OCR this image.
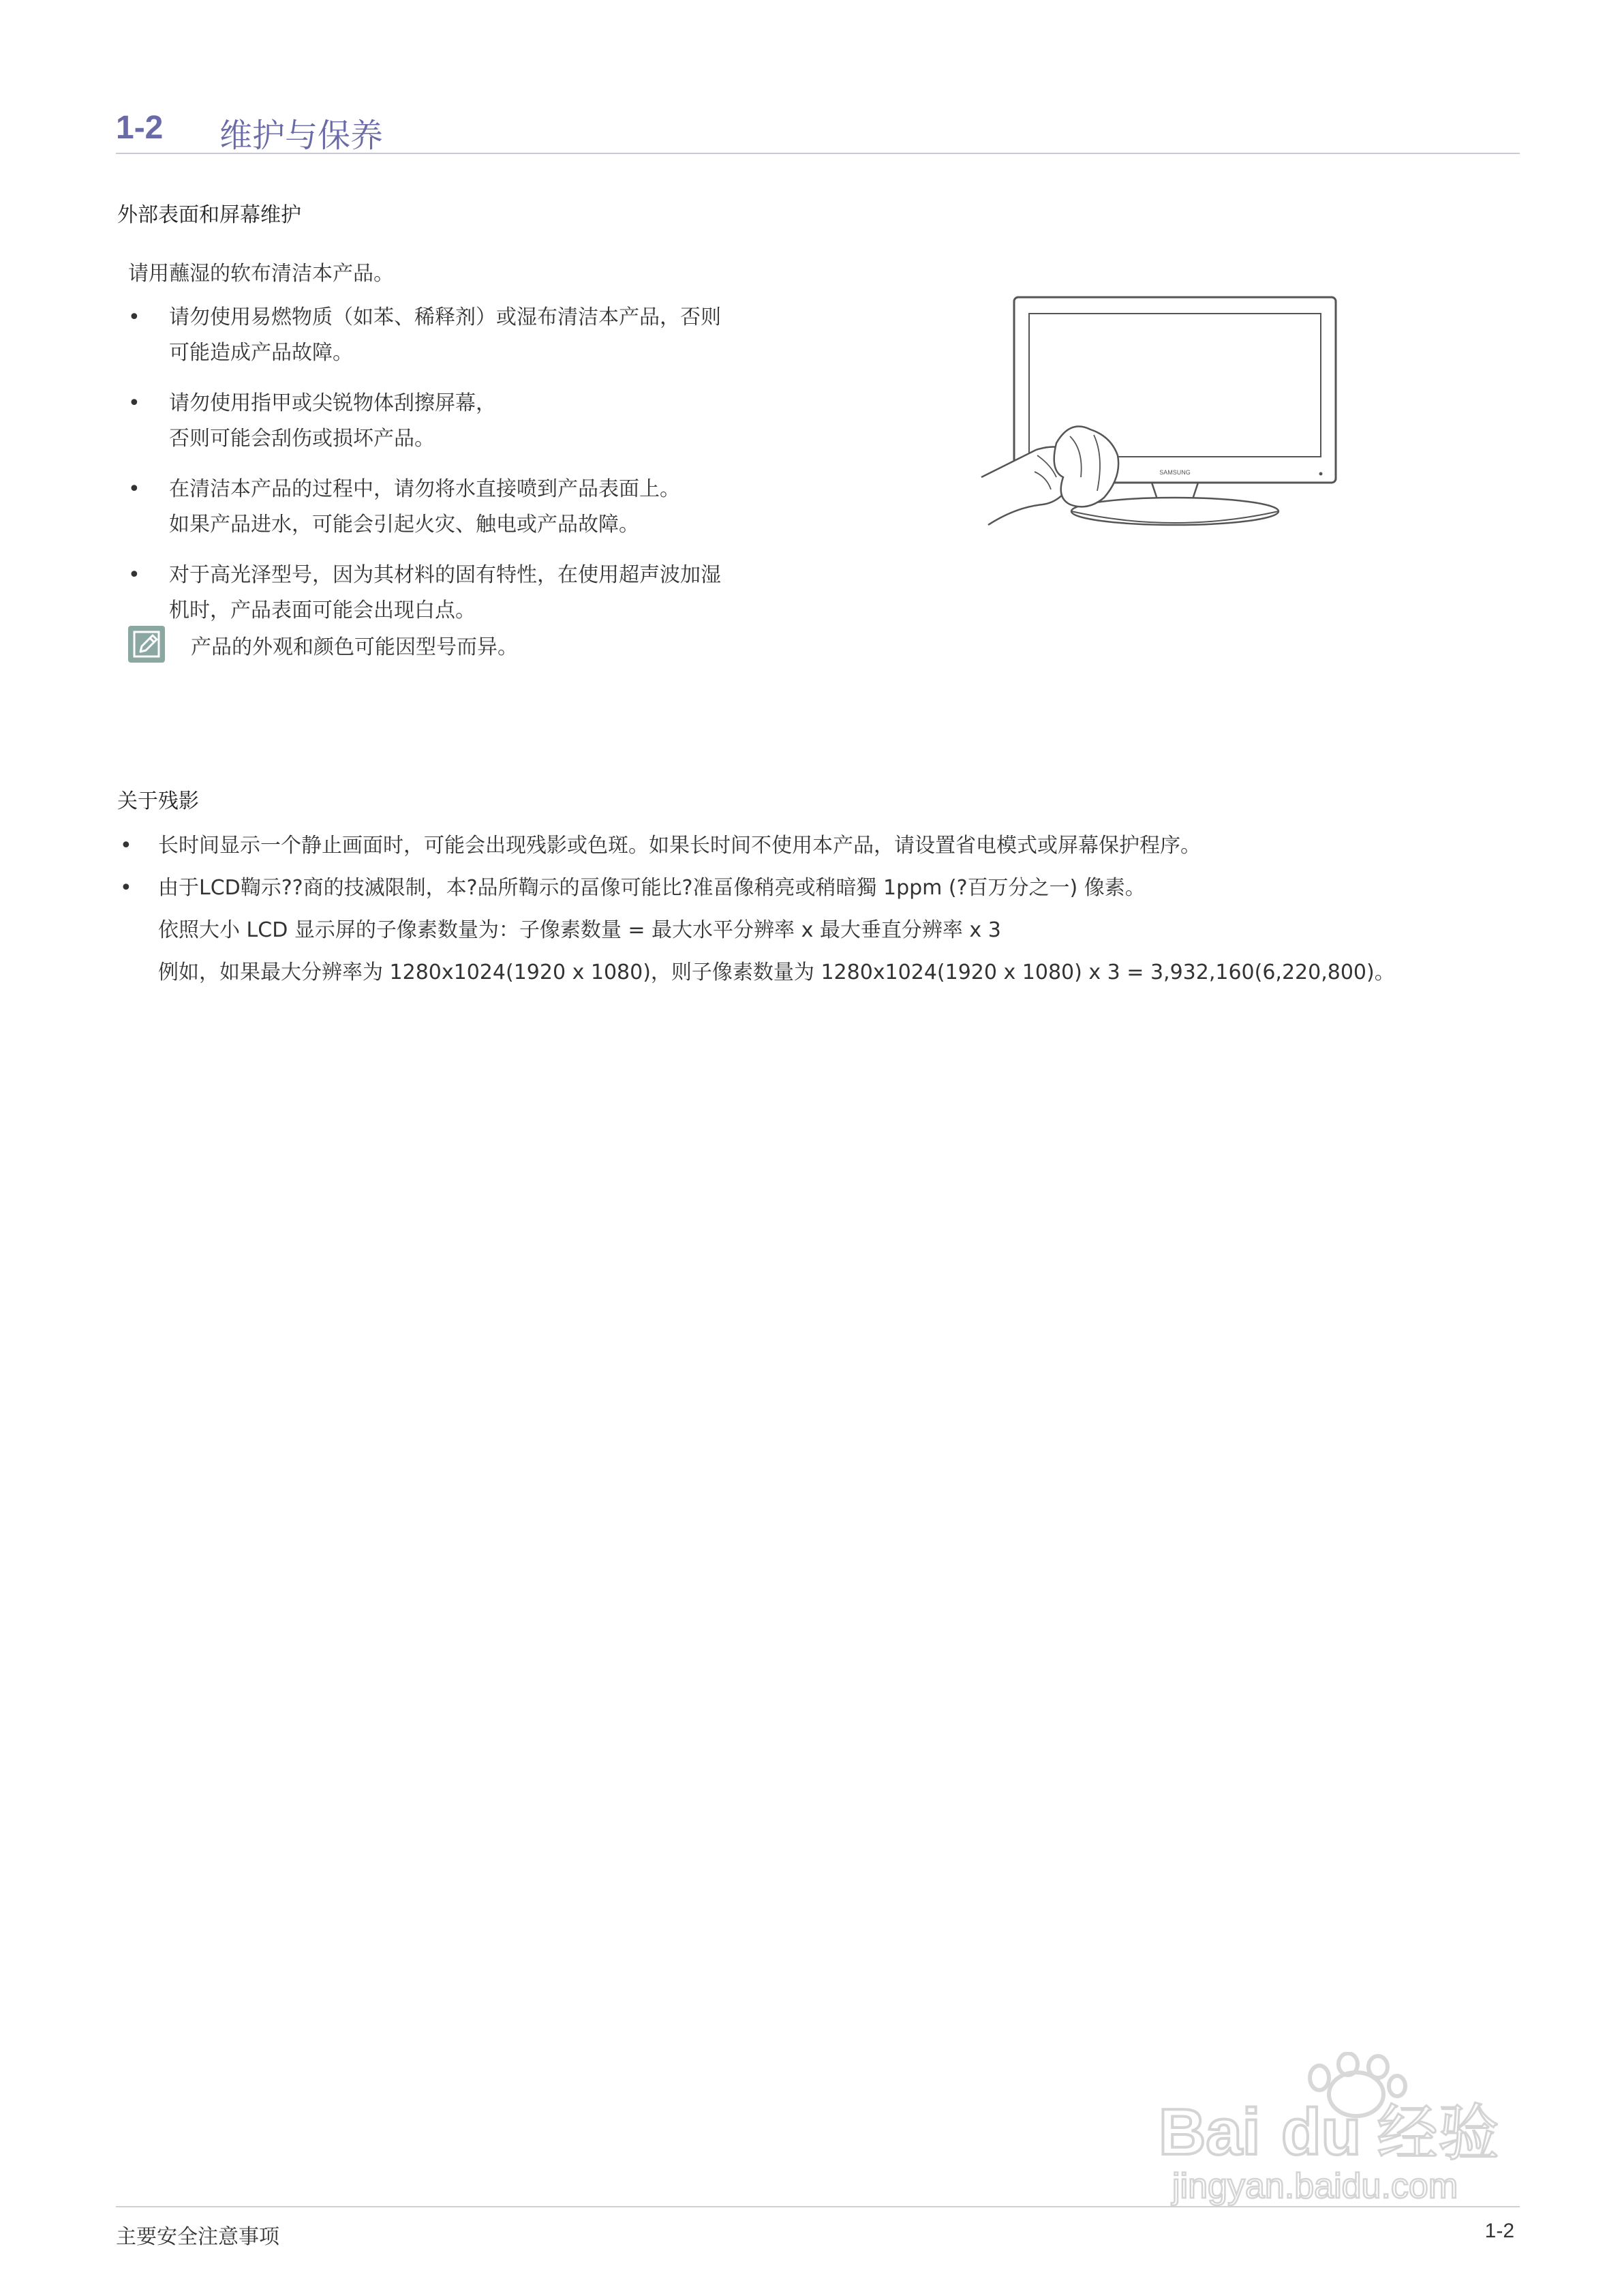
1-2 维护与保养
外部表面和屏幕维护
请用蘸湿的软布清洁本产品。
• 请勿使用易燃物质（如苯、稀释剂）或湿布清洁本产品，否则
可能造成产品故障。
• 请勿使用指甲或尖锐物体刮擦屏幕，
否则可能会刮伤或损坏产品。
• 在清洁本产品的过程中，请勿将水直接喷到产品表面上。
如果产品进水，可能会引起火灾、触电或产品故障。
• 对于高光泽型号，因为其材料的固有特性，在使用超声波加湿
机时，产品表面可能会出现白点。
产品的外观和颜色可能因型号而异。
SAMSUNG
关于残影
• 长时间显示一个静止画面时，可能会出现残影或色斑。如果长时间不使用本产品，请设置省电模式或屏幕保护程序。
• 由于LCD鞫示??商的技滅限制，本?品所鞫示的畐像可能比?准畐像稍亮或稍暗獨 1ppm (?百万分之一) 像素。
依照大小 LCD 显示屏的子像素数量为：子像素数量 = 最大水平分辨率 x 最大垂直分辨率 x 3
例如，如果最大分辨率为 1280x1024(1920 x 1080)，则子像素数量为 1280x1024(1920 x 1080) x 3 = 3,932,160(6,220,800)。
Bai du 经验
jingyan.baidu.com
主要安全注意事项	1-2
